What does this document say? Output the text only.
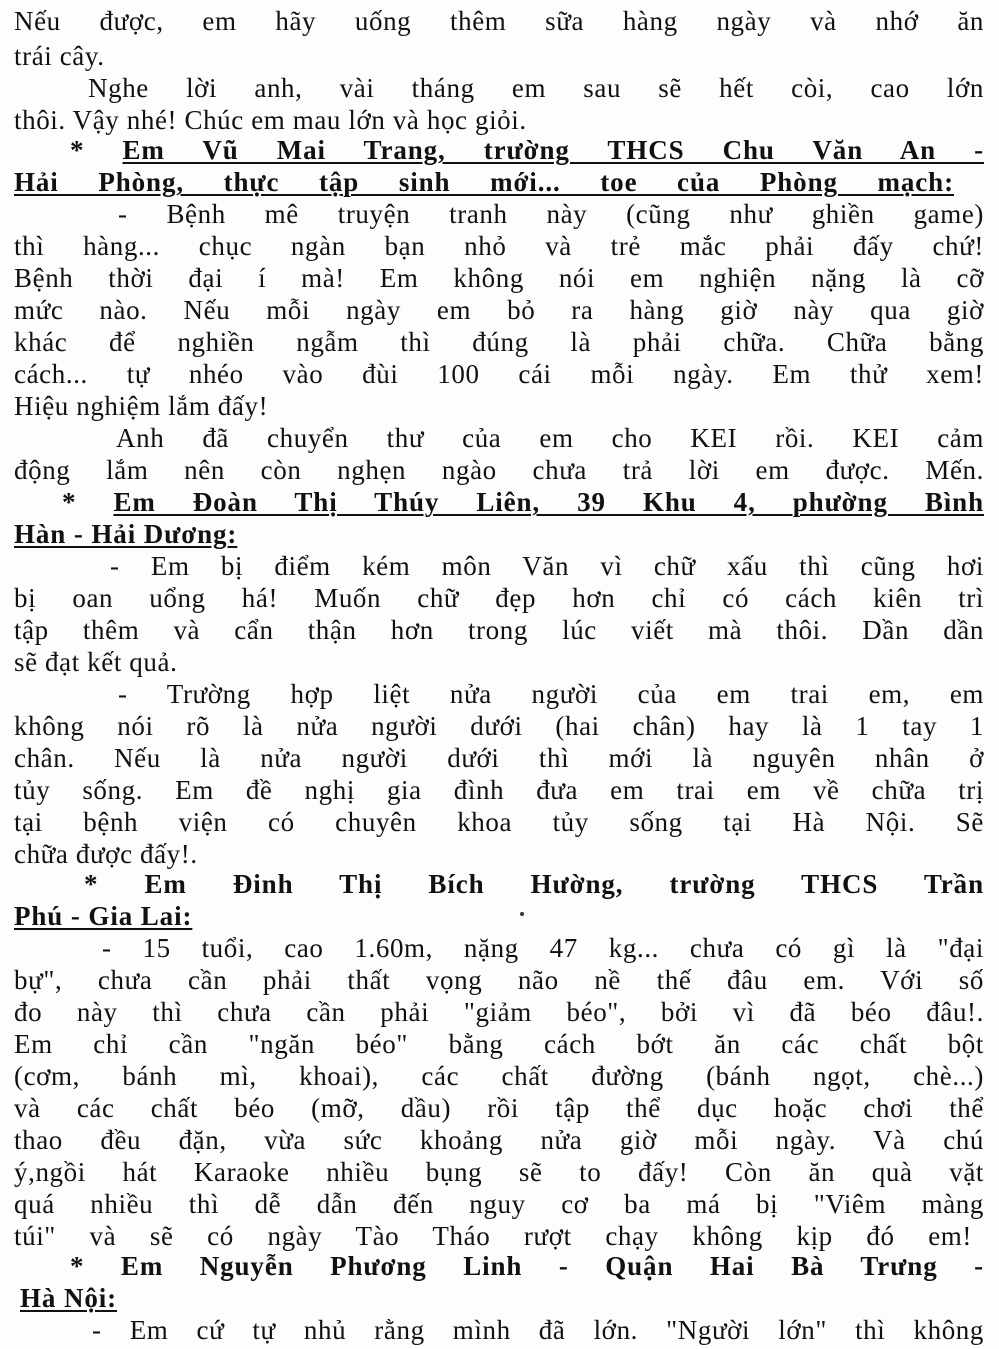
Nếu được, em hãy uống thêm sữa hàng ngày và nhớ ăn
trái cây.
Nghe lời anh, vài tháng em sau sẽ hết còi, cao lớn
thôi. Vậy nhé! Chúc em mau lớn và học giỏi.
* Em Vũ Mai Trang, trường THCS Chu Văn An -
Hải Phòng, thực tập sinh mới... toe của Phòng mạch:
- Bệnh mê truyện tranh này (cũng như ghiền game)
thì hàng... chục ngàn bạn nhỏ và trẻ mắc phải đấy chứ!
Bệnh thời đại í mà! Em không nói em nghiện nặng là cỡ
mức nào. Nếu mỗi ngày em bỏ ra hàng giờ này qua giờ
khác để nghiền ngẫm thì đúng là phải chữa. Chữa bằng
cách... tự nhéo vào đùi 100 cái mỗi ngày. Em thử xem!
Hiệu nghiệm lắm đấy!
Anh đã chuyển thư của em cho KEI rồi. KEI cảm
động lắm nên còn nghẹn ngào chưa trả lời em được. Mến.
* Em Đoàn Thị Thúy Liên, 39 Khu 4, phường Bình
Hàn - Hải Dương:
- Em bị điểm kém môn Văn vì chữ xấu thì cũng hơi
bị oan uổng há! Muốn chữ đẹp hơn chỉ có cách kiên trì
tập thêm và cẩn thận hơn trong lúc viết mà thôi. Dần dần
sẽ đạt kết quả.
- Trường hợp liệt nửa người của em trai em, em
không nói rõ là nửa người dưới (hai chân) hay là 1 tay 1
chân. Nếu là nửa người dưới thì mới là nguyên nhân ở
tủy sống. Em đề nghị gia đình đưa em trai em về chữa trị
tại bệnh viện có chuyên khoa tủy sống tại Hà Nội. Sẽ
chữa được đấy!.
* Em Đinh Thị Bích Hường, trường THCS Trần
Phú - Gia Lai:
- 15 tuổi, cao 1.60m, nặng 47 kg... chưa có gì là "đại
bự", chưa cần phải thất vọng não nề thế đâu em. Với số
đo này thì chưa cần phải "giảm béo", bởi vì đã béo đâu!.
Em chỉ cần "ngăn béo" bằng cách bớt ăn các chất bột
(cơm, bánh mì, khoai), các chất đường (bánh ngọt, chè...)
và các chất béo (mỡ, dầu) rồi tập thể dục hoặc chơi thể
thao đều đặn, vừa sức khoảng nửa giờ mỗi ngày. Và chú
ý,ngồi hát Karaoke nhiều bụng sẽ to đấy! Còn ăn quà vặt
quá nhiều thì dễ dẫn đến nguy cơ ba má bị "Viêm màng
túi" và sẽ có ngày Tào Tháo rượt chạy không kịp đó em!
* Em Nguyễn Phương Linh - Quận Hai Bà Trưng -
Hà Nội:
- Em cứ tự nhủ rằng mình đã lớn. "Người lớn" thì không
